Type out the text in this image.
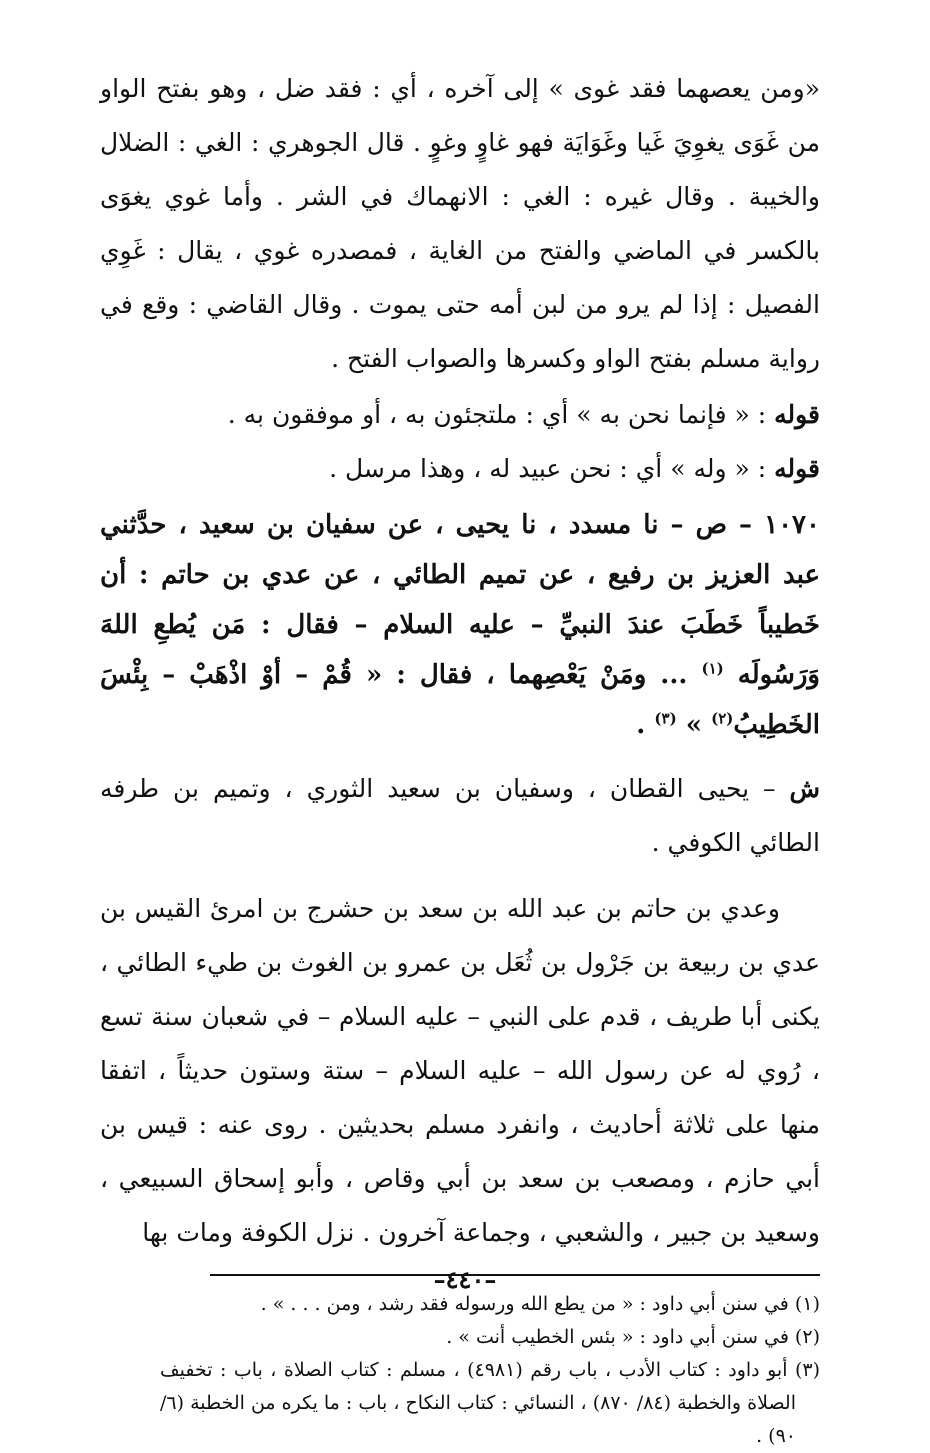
«ومن يعصهما فقد غوى » إلى آخره ، أي : فقد ضل ، وهو بفتح الواو من غَوَى يغوِيَ غَيا وغَوَايَة فهو غاوٍ وغوٍ . قال الجوهري : الغي : الضلال والخيبة . وقال غيره : الغي : الانهماك في الشر . وأما غوي يغوَى بالكسر في الماضي والفتح من الغاية ، فمصدره غوي ، يقال : غَوِي الفصيل : إذا لم يرو من لبن أمه حتى يموت . وقال القاضي : وقع في رواية مسلم بفتح الواو وكسرها والصواب الفتح .

قوله : « فإنما نحن به » أي : ملتجئون به ، أو موفقون به .

قوله : « وله » أي : نحن عبيد له ، وهذا مرسل .

١٠٧٠ – ص – نا مسدد ، نا يحيى ، عن سفيان بن سعيد ، حدَّثني عبد العزيز بن رفيع ، عن تميم الطائي ، عن عدي بن حاتم : أن خَطيباً خَطَبَ عندَ النبيِّ – عليه السلام – فقال : مَن يُطعِ اللهَ وَرَسُولَه $^{(١)}$ ... ومَنْ يَعْصِهما ، فقال : « قُمْ – أوْ اذْهَبْ – بِئْسَ الخَطِيبُ$^{(٢)}$ » $^{(٣)}$ .

ش – يحيى القطان ، وسفيان بن سعيد الثوري ، وتميم بن طرفه الطائي الكوفي .

وعدي بن حاتم بن عبد الله بن سعد بن حشرج بن امرئ القيس بن عدي بن ربيعة بن جَرْول بن ثُعَل بن عمرو بن الغوث بن طيء الطائي ، يكنى أبا طريف ، قدم على النبي – عليه السلام – في شعبان سنة تسع ، رُوي له عن رسول الله – عليه السلام – ستة وستون حديثاً ، اتفقا منها على ثلاثة أحاديث ، وانفرد مسلم بحديثين . روى عنه : قيس بن أبي حازم ، ومصعب بن سعد بن أبي وقاص ، وأبو إسحاق السبيعي ، وسعيد بن جبير ، والشعبي ، وجماعة آخرون . نزل الكوفة ومات بها

(١) في سنن أبي داود : « من يطع الله ورسوله فقد رشد ، ومن . . . » .

(٢) في سنن أبي داود : « بئس الخطيب أنت » .

(٣) أبو داود : كتاب الأدب ، باب رقم (٤٩٨١) ، مسلم : كتاب الصلاة ، باب : تخفيف الصلاة والخطبة (٨٤/ ٨٧٠) ، النسائي : كتاب النكاح ، باب : ما يكره من الخطبة (٦/ ٩٠) .

–٤٤٠–
